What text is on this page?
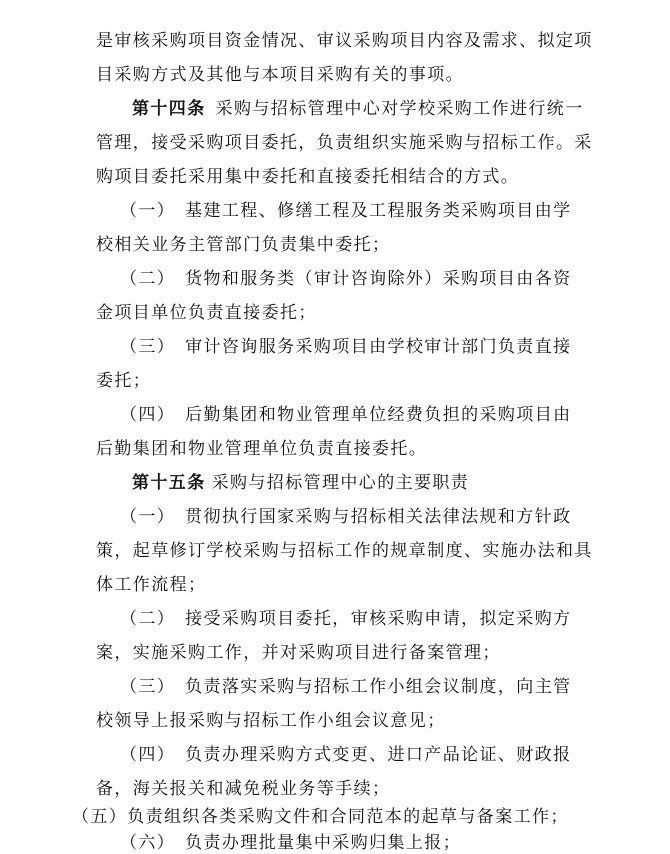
是审核采购项目资金情况、审议采购项目内容及需求、拟定项
目采购方式及其他与本项目采购有关的事项。
第十四条 采购与招标管理中心对学校采购工作进行统一
管理，接受采购项目委托，负责组织实施采购与招标工作。采
购项目委托采用集中委托和直接委托相结合的方式。
（一）　基建工程、修缮工程及工程服务类采购项目由学
校相关业务主管部门负责集中委托；
（二）　货物和服务类（审计咨询除外）采购项目由各资
金项目单位负责直接委托；
（三）　审计咨询服务采购项目由学校审计部门负责直接
委托；
（四）　后勤集团和物业管理单位经费负担的采购项目由
后勤集团和物业管理单位负责直接委托。
第十五条 采购与招标管理中心的主要职责
（一）　贯彻执行国家采购与招标相关法律法规和方针政
策，起草修订学校采购与招标工作的规章制度、实施办法和具
体工作流程；
（二）　接受采购项目委托，审核采购申请，拟定采购方
案，实施采购工作，并对采购项目进行备案管理；
（三）　负责落实采购与招标工作小组会议制度，向主管
校领导上报采购与招标工作小组会议意见；
（四）　负责办理采购方式变更、进口产品论证、财政报
备，海关报关和减免税业务等手续；
（五）负责组织各类采购文件和合同范本的起草与备案工作；
（六）　负责办理批量集中采购归集上报；
